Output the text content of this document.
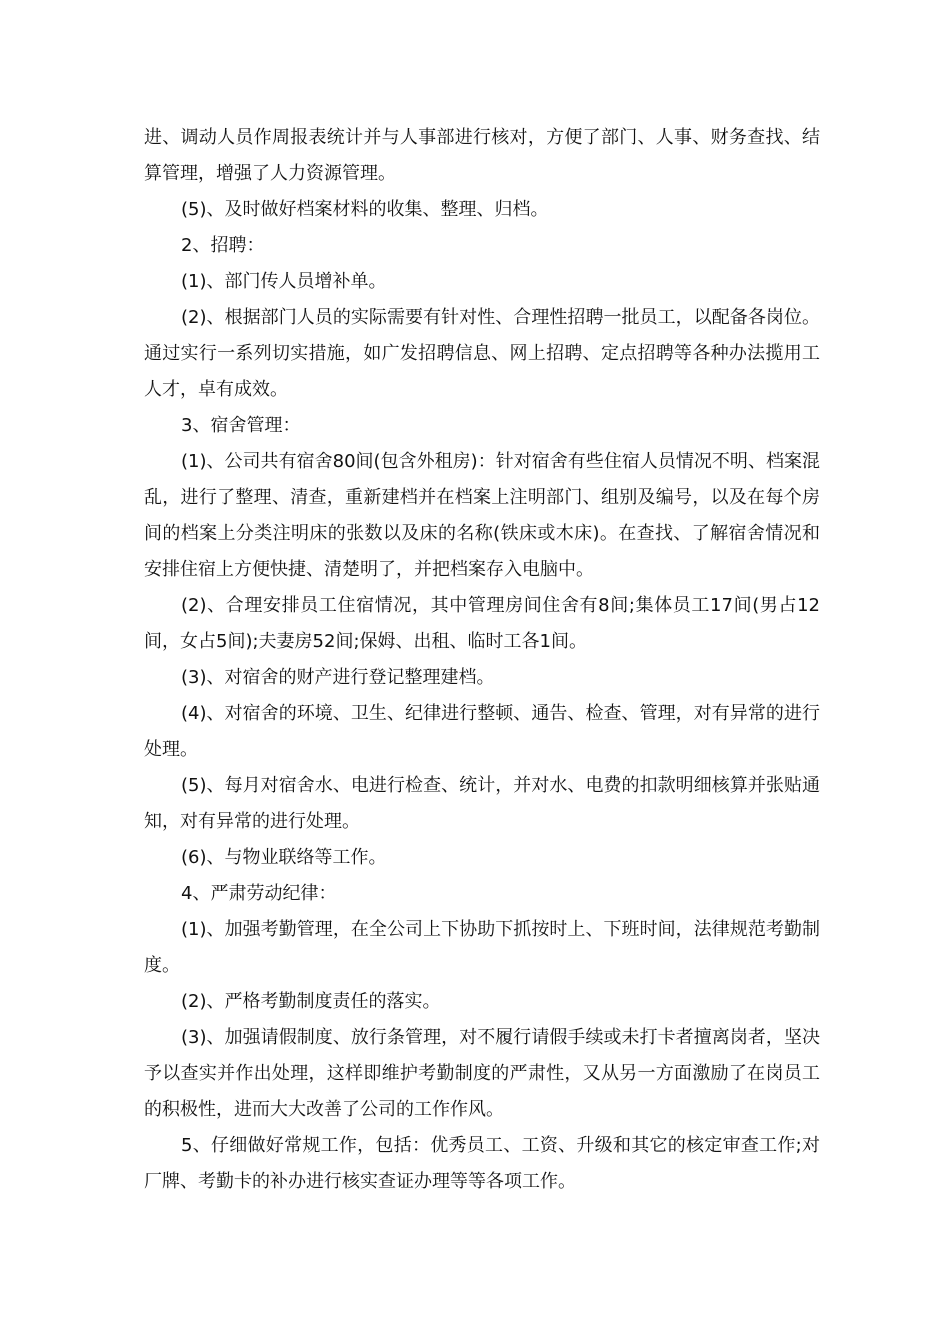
进、调动人员作周报表统计并与人事部进行核对，方便了部门、人事、财务查找、结算管理，增强了人力资源管理。

(5)、及时做好档案材料的收集、整理、归档。

2、招聘：

(1)、部门传人员增补单。

(2)、根据部门人员的实际需要有针对性、合理性招聘一批员工，以配备各岗位。通过实行一系列切实措施，如广发招聘信息、网上招聘、定点招聘等各种办法揽用工人才，卓有成效。

3、宿舍管理：

(1)、公司共有宿舍80间(包含外租房)：针对宿舍有些住宿人员情况不明、档案混乱，进行了整理、清查，重新建档并在档案上注明部门、组别及编号，以及在每个房间的档案上分类注明床的张数以及床的名称(铁床或木床)。在查找、了解宿舍情况和安排住宿上方便快捷、清楚明了，并把档案存入电脑中。

(2)、合理安排员工住宿情况，其中管理房间住舍有8间;集体员工17间(男占12间，女占5间);夫妻房52间;保姆、出租、临时工各1间。

(3)、对宿舍的财产进行登记整理建档。

(4)、对宿舍的环境、卫生、纪律进行整顿、通告、检查、管理，对有异常的进行处理。

(5)、每月对宿舍水、电进行检查、统计，并对水、电费的扣款明细核算并张贴通知，对有异常的进行处理。

(6)、与物业联络等工作。

4、严肃劳动纪律：

(1)、加强考勤管理，在全公司上下协助下抓按时上、下班时间，法律规范考勤制度。

(2)、严格考勤制度责任的落实。

(3)、加强请假制度、放行条管理，对不履行请假手续或未打卡者擅离岗者，坚决予以查实并作出处理，这样即维护考勤制度的严肃性，又从另一方面激励了在岗员工的积极性，进而大大改善了公司的工作作风。

5、仔细做好常规工作，包括：优秀员工、工资、升级和其它的核定审查工作;对厂牌、考勤卡的补办进行核实查证办理等等各项工作。
